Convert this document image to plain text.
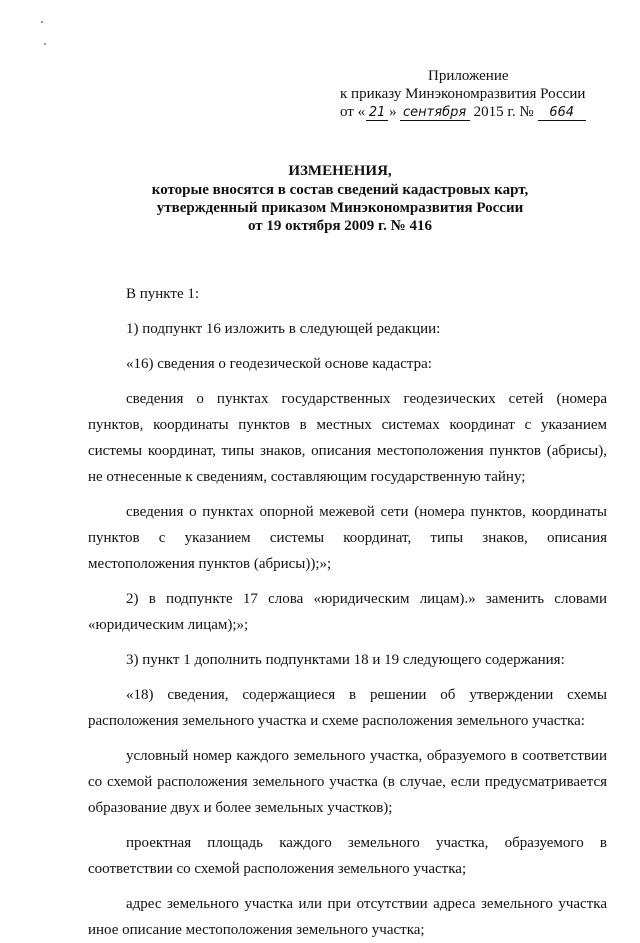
Приложение
к приказу Минэкономразвития России
от « 21 » сентября 2015 г. №	664
ИЗМЕНЕНИЯ,
которые вносятся в состав сведений кадастровых карт,
утвержденный приказом Минэкономразвития России
от 19 октября 2009 г. № 416

В пункте 1:

1) подпункт 16 изложить в следующей редакции:

«16) сведения о геодезической основе кадастра:

сведения о пунктах государственных геодезических сетей (номера пунктов, координаты пунктов в местных системах координат с указанием системы координат, типы знаков, описания местоположения пунктов (абрисы), не отнесенные к сведениям, составляющим государственную тайну;

сведения о пунктах опорной межевой сети (номера пунктов, координаты пунктов с указанием системы координат, типы знаков, описания местоположения пунктов (абрисы));»;

2) в подпункте 17 слова «юридическим лицам).» заменить словами «юридическим лицам);»;

3) пункт 1 дополнить подпунктами 18 и 19 следующего содержания:

«18) сведения, содержащиеся в решении об утверждении схемы расположения земельного участка и схеме расположения земельного участка:

условный номер каждого земельного участка, образуемого в соответствии со схемой расположения земельного участка (в случае, если предусматривается образование двух и более земельных участков);

проектная площадь каждого земельного участка, образуемого в соответствии со схемой расположения земельного участка;

адрес земельного участка или при отсутствии адреса земельного участка иное описание местоположения земельного участка;
